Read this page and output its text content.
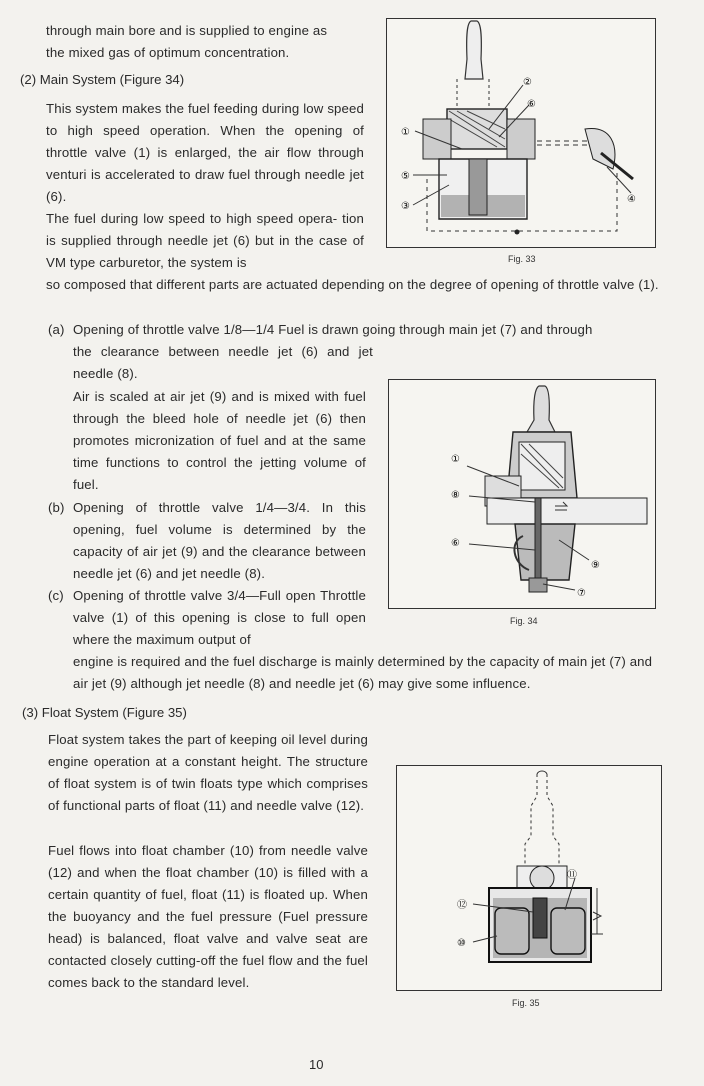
through main bore and is supplied to engine as

the mixed gas of optimum concentration.

(2) Main System (Figure 34)

This system makes the fuel feeding during low speed to high speed operation. When the opening of throttle valve (1) is enlarged, the air flow through venturi is accelerated to draw fuel through needle jet (6).

The fuel during low speed to high speed opera- tion is supplied through needle jet (6) but in the case of VM type carburetor, the system is

so composed that different parts are actuated depending on the degree of opening of throttle valve (1).

(a) Opening of throttle valve 1/8—1/4 Fuel is drawn going through main jet (7) and through

the clearance between needle jet (6) and jet needle (8).

Air is scaled at air jet (9) and is mixed with fuel through the bleed hole of needle jet (6) then promotes micronization of fuel and at the same time functions to control the jetting volume of fuel.

(b) Opening of throttle valve 1/4—3/4. In this opening, fuel volume is determined by the capacity of air jet (9) and the clearance between needle jet (6) and jet needle (8).

(c) Opening of throttle valve 3/4—Full open Throttle valve (1) of this opening is close to full open where the maximum output of

engine is required and the fuel discharge is mainly determined by the capacity of main jet (7) and air jet (9) although jet needle (8) and needle jet (6) may give some influence.

(3) Float System (Figure 35)

Float system takes the part of keeping oil level during engine operation at a constant height. The structure of float system is of twin floats type which comprises of functional parts of float (11) and needle valve (12).

Fuel flows into float chamber (10) from needle valve (12) and when the float chamber (10) is filled with a certain quantity of fuel, float (11) is floated up. When the buoyancy and the fuel pressure (Fuel pressure head) is balanced, float valve and valve seat are contacted closely cutting-off the fuel flow and the fuel comes back to the standard level.

①
②
③
④
⑤
⑥
Fig. 33
①
⑧
⑥
⑨
⑦
Fig. 34
⑫
⑩
⑪
Fig. 35
10
